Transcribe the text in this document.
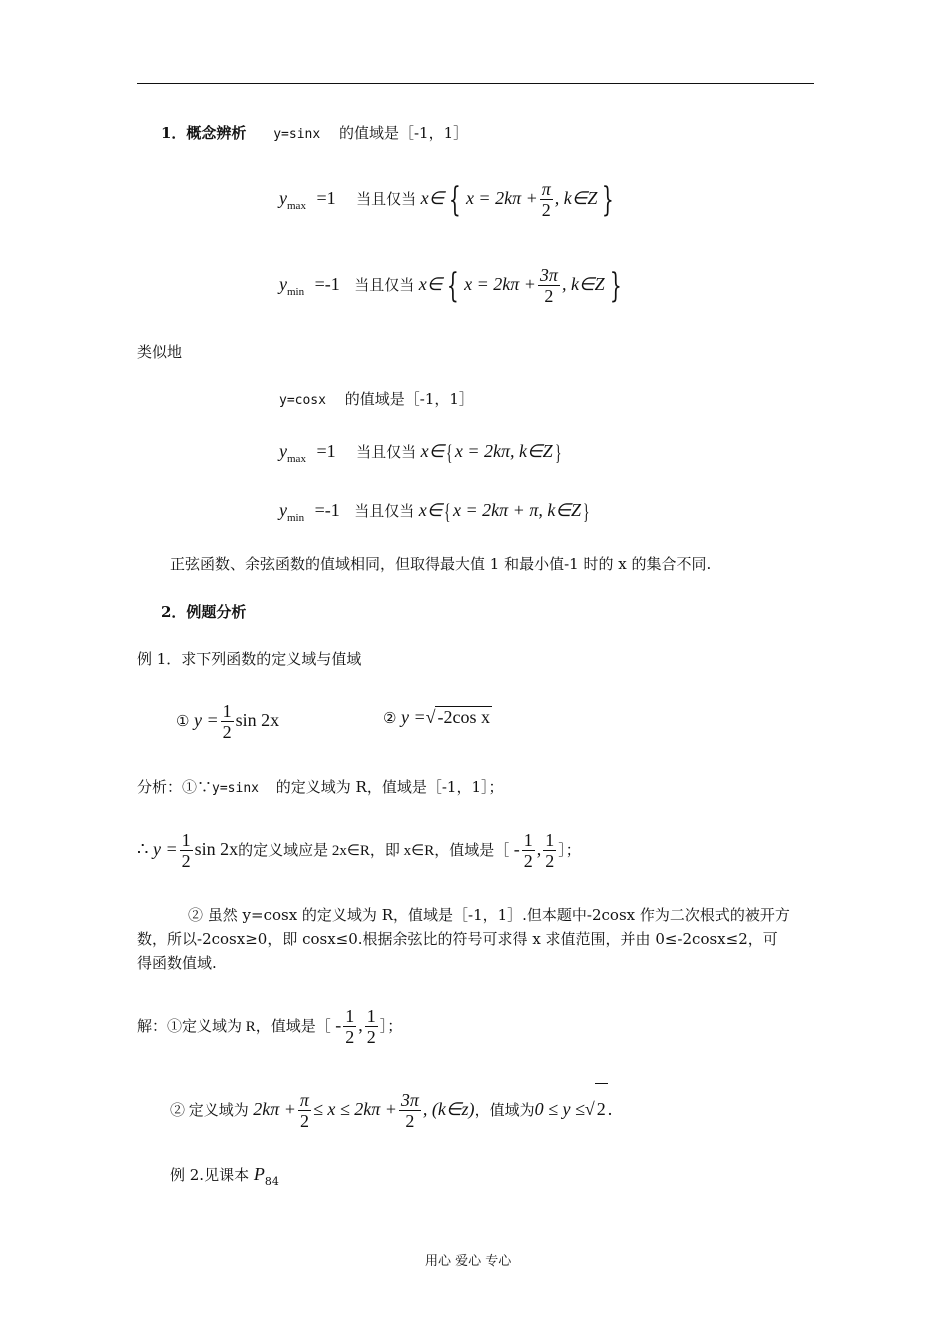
1．概念辨析 y=sinx 的值域是［-1，1］
$y_{max} =1$ 当且仅当 x∈ { $x = 2k\pi + \frac{\pi}{2}$ , k∈Z }
$y_{min} =-1$ 当且仅当 x∈ { $x = 2k\pi + \frac{3\pi}{2}$ , k∈Z }
类似地
y=cosx 的值域是［-1，1］
$y_{max} =1$ 当且仅当 x∈{ x = 2kπ, k∈Z}
$y_{min} =-1$ 当且仅当 x∈{ x = 2kπ + π, k∈Z}
正弦函数、余弦函数的值域相同，但取得最大值 1 和最小值-1 时的 x 的集合不同.
2．例题分析
例 1．求下列函数的定义域与值域
① $y = \frac{1}{2}$ sin 2x	② y =√ -2cos x
分析：①∵y=sinx 的定义域为 R，值域是［-1，1］；
∴ $y = \frac{1}{2}$ sin 2x的定义域应是 2x∈R，即 x∈R，值域是［ - $\frac{1}{2}$ , $\frac{1}{2}$ ］；
② 虽然 y=cosx 的定义域为 R，值域是［-1，1］.但本题中-2cosx 作为二次根式的被开方
数，所以-2cosx≥0，即 cosx≤0.根据余弦比的符号可求得 x 求值范围，并由 0≤-2cosx≤2，可
得函数值域.
解：①定义域为 R，值域是［ - $\frac{1}{2}$ , $\frac{1}{2}$ ］；
② 定义域为 $2k\pi + \frac{\pi}{2} \le x \le 2k\pi + \frac{3\pi}{2}$ , (k∈z)，值域为0 ≤ y ≤√ 2 .
例 2.见课本 $P_{84}$
用心 爱心 专心
